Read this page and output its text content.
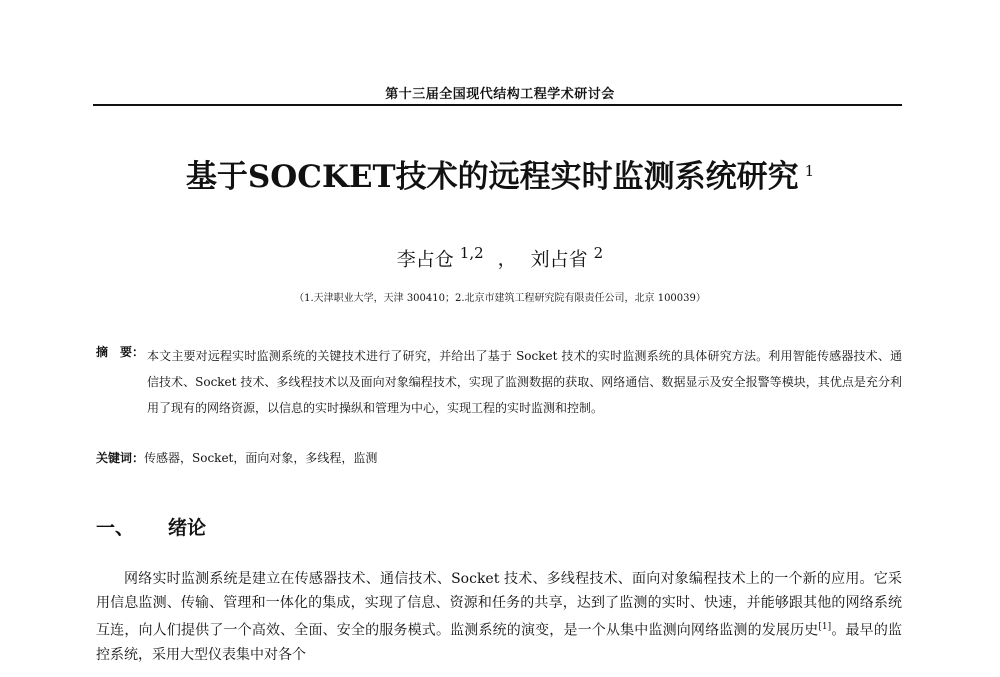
第十三届全国现代结构工程学术研讨会
基于SOCKET技术的远程实时监测系统研究 $^1$
李占仓 $^{1,2}$ ， 刘占省 $^2$
（1.天津职业大学，天津 300410；2.北京市建筑工程研究院有限责任公司，北京 100039）
摘　要： 本文主要对远程实时监测系统的关键技术进行了研究，并给出了基于 Socket 技术的实时监测系统的具体研究方法。利用智能传感器技术、通信技术、Socket 技术、多线程技术以及面向对象编程技术，实现了监测数据的获取、网络通信、数据显示及安全报警等模块，其优点是充分利用了现有的网络资源，以信息的实时操纵和管理为中心，实现工程的实时监测和控制。
关键词：传感器，Socket，面向对象，多线程，监测
一、 绪论
网络实时监测系统是建立在传感器技术、通信技术、Socket 技术、多线程技术、面向对象编程技术上的一个新的应用。它采用信息监测、传输、管理和一体化的集成，实现了信息、资源和任务的共享，达到了监测的实时、快速，并能够跟其他的网络系统互连，向人们提供了一个高效、全面、安全的服务模式。监测系统的演变，是一个从集中监测向网络监测的发展历史[1]。最早的监控系统，采用大型仪表集中对各个
